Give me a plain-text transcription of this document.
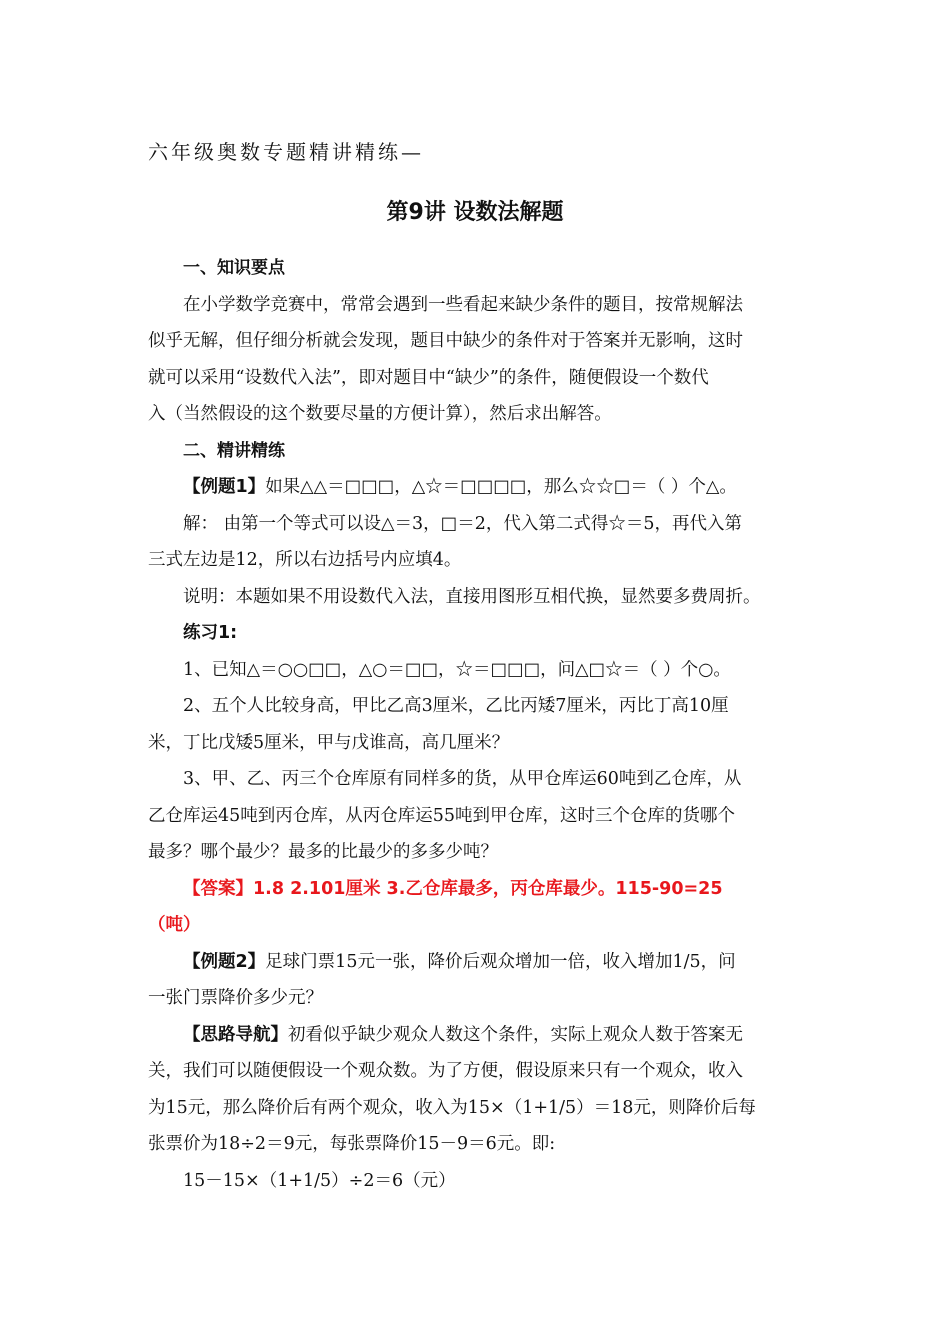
六年级奥数专题精讲精练—
第9讲 设数法解题

一、知识要点

在小学数学竞赛中，常常会遇到一些看起来缺少条件的题目，按常规解法

似乎无解，但仔细分析就会发现，题目中缺少的条件对于答案并无影响，这时

就可以采用“设数代入法”，即对题目中“缺少”的条件，随便假设一个数代

入（当然假设的这个数要尽量的方便计算），然后求出解答。

二、精讲精练

【例题1】如果△△＝□□□，△☆＝□□□□，那么☆☆□＝（ ）个△。

解： 由第一个等式可以设△＝3，□＝2，代入第二式得☆＝5，再代入第

三式左边是12，所以右边括号内应填4。

说明：本题如果不用设数代入法，直接用图形互相代换，显然要多费周折。

练习1:

1、已知△＝○○□□，△○＝□□，☆＝□□□，问△□☆＝（ ）个○。

2、五个人比较身高，甲比乙高3厘米，乙比丙矮7厘米，丙比丁高10厘

米，丁比戊矮5厘米，甲与戊谁高，高几厘米？

3、甲、乙、丙三个仓库原有同样多的货，从甲仓库运60吨到乙仓库，从

乙仓库运45吨到丙仓库，从丙仓库运55吨到甲仓库，这时三个仓库的货哪个

最多？哪个最少？最多的比最少的多多少吨？

【答案】1.8 2.101厘米 3.乙仓库最多，丙仓库最少。115-90=25

（吨）

【例题2】足球门票15元一张，降价后观众增加一倍，收入增加1/5，问

一张门票降价多少元？

【思路导航】初看似乎缺少观众人数这个条件，实际上观众人数于答案无

关，我们可以随便假设一个观众数。为了方便，假设原来只有一个观众，收入

为15元，那么降价后有两个观众，收入为15×（1+1/5）＝18元，则降价后每

张票价为18÷2＝9元，每张票降价15－9＝6元。即:

15－15×（1+1/5）÷2＝6（元）
